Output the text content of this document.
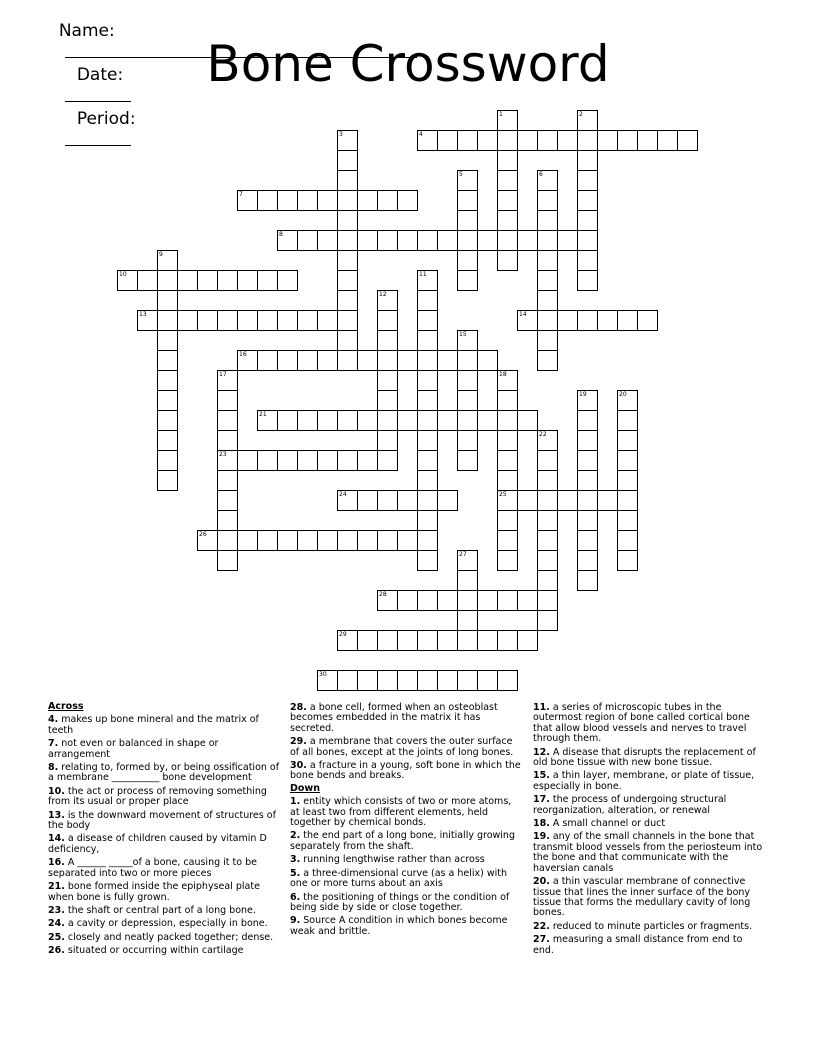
Name:

Date:

Period:

Bone Crossword
1	2
3	4
5	6
7
8
9
10	11
12
13	14
15
16
17
23
18
25
19	20
21
22
24
26
27
28
29
30
Across
4. makes up bone mineral and the matrix of teeth
7. not even or balanced in shape or arrangement
8. relating to, formed by, or being ossification of a membrane __________ bone development
10. the act or process of removing something from its usual or proper place
13. is the downward movement of structures of the body
14. a disease of children caused by vitamin D deficiency,
16. A ______ _____of a bone, causing it to be separated into two or more pieces
21. bone formed inside the epiphyseal plate when bone is fully grown.
23. the shaft or central part of a long bone.
24. a cavity or depression, especially in bone.
25. closely and neatly packed together; dense.
26. situated or occurring within cartilage
28. a bone cell, formed when an osteoblast becomes embedded in the matrix it has secreted.
29. a membrane that covers the outer surface of all bones, except at the joints of long bones.
30. a fracture in a young, soft bone in which the bone bends and breaks.
Down
1. entity which consists of two or more atoms, at least two from different elements, held together by chemical bonds.
2. the end part of a long bone, initially growing separately from the shaft.
3. running lengthwise rather than across
5. a three-dimensional curve (as a helix) with one or more turns about an axis
6. the positioning of things or the condition of being side by side or close together.
9. Source A condition in which bones become weak and brittle.
11. a series of microscopic tubes in the outermost region of bone called cortical bone that allow blood vessels and nerves to travel through them.
12. A disease that disrupts the replacement of old bone tissue with new bone tissue.
15. a thin layer, membrane, or plate of tissue, especially in bone.
17. the process of undergoing structural reorganization, alteration, or renewal
18. A small channel or duct
19. any of the small channels in the bone that transmit blood vessels from the periosteum into the bone and that communicate with the haversian canals
20. a thin vascular membrane of connective tissue that lines the inner surface of the bony tissue that forms the medullary cavity of long bones.
22. reduced to minute particles or fragments.
27. measuring a small distance from end to end.
